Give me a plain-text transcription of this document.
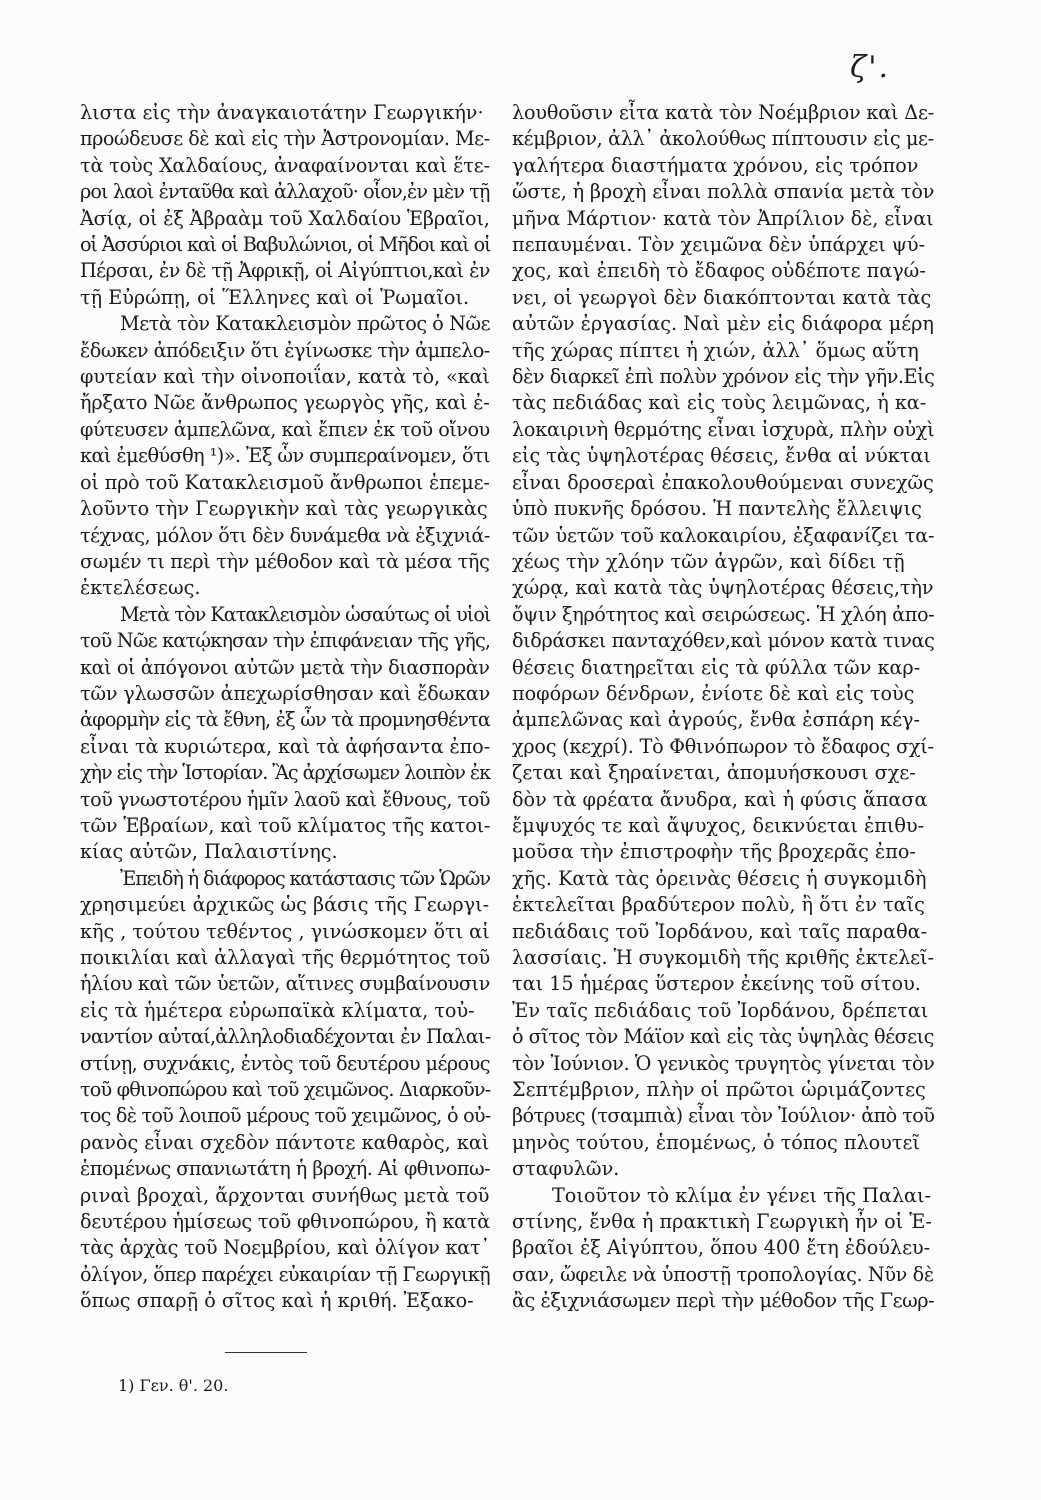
ζ'.
λιστα εἰς τὴν ἀναγκαιοτάτην Γεωργικήν·
προώδευσε δὲ καὶ εἰς τὴν Ἀστρονομίαν. Με-
τὰ τοὺς Χαλδαίους, ἀναφαίνονται καὶ ἕτε-
ροι λαοὶ ἐνταῦθα καὶ ἀλλαχοῦ· οἷον,ἐν μὲν τῇ
Ἀσίᾳ, οἱ ἐξ Ἀβραὰμ τοῦ Χαλδαίου Ἑβραῖοι,
οἱ Ἀσσύριοι καὶ οἱ Βαβυλώνιοι, οἱ Μῆδοι καὶ οἱ
Πέρσαι, ἐν δὲ τῇ Ἀφρικῇ, οἱ Αἰγύπτιοι,καὶ ἐν
τῇ Εὐρώπῃ, οἱ Ἕλληνες καὶ οἱ Ῥωμαῖοι.
Μετὰ τὸν Κατακλεισμὸν πρῶτος ὁ Νῶε
ἔδωκεν ἀπόδειξιν ὅτι ἐγίνωσκε τὴν ἀμπελο-
φυτείαν καὶ τὴν οἰνοποιΐαν, κατὰ τὸ, «καὶ
ἤρξατο Νῶε ἄνθρωπος γεωργὸς γῆς, καὶ ἐ-
φύτευσεν ἀμπελῶνα, καὶ ἔπιεν ἐκ τοῦ οἴνου
καὶ ἐμεθύσθη ¹)». Ἐξ ὧν συμπεραίνομεν, ὅτι
οἱ πρὸ τοῦ Κατακλεισμοῦ ἄνθρωποι ἐπεμε-
λοῦντο τὴν Γεωργικὴν καὶ τὰς γεωργικὰς
τέχνας, μόλον ὅτι δὲν δυνάμεθα νὰ ἐξιχνιά-
σωμέν τι περὶ τὴν μέθοδον καὶ τὰ μέσα τῆς
ἐκτελέσεως.
Μετὰ τὸν Κατακλεισμὸν ὡσαύτως οἱ υἱοὶ
τοῦ Νῶε κατῴκησαν τὴν ἐπιφάνειαν τῆς γῆς,
καὶ οἱ ἀπόγονοι αὐτῶν μετὰ τὴν διασπορὰν
τῶν γλωσσῶν ἀπεχωρίσθησαν καὶ ἔδωκαν
ἀφορμὴν εἰς τὰ ἔθνη, ἐξ ὧν τὰ προμνησθέντα
εἶναι τὰ κυριώτερα, καὶ τὰ ἀφήσαντα ἐπο-
χὴν εἰς τὴν Ἱστορίαν. Ἂς ἀρχίσωμεν λοιπὸν ἐκ
τοῦ γνωστοτέρου ἡμῖν λαοῦ καὶ ἔθνους, τοῦ
τῶν Ἑβραίων, καὶ τοῦ κλίματος τῆς κατοι-
κίας αὐτῶν, Παλαιστίνης.
Ἐπειδὴ ἡ διάφορος κατάστασις τῶν Ὡρῶν
χρησιμεύει ἀρχικῶς ὡς βάσις τῆς Γεωργι-
κῆς , τούτου τεθέντος , γινώσκομεν ὅτι αἱ
ποικιλίαι καὶ ἀλλαγαὶ τῆς θερμότητος τοῦ
ἡλίου καὶ τῶν ὑετῶν, αἵτινες συμβαίνουσιν
εἰς τὰ ἡμέτερα εὐρωπαϊκὰ κλίματα, τοὐ-
ναντίον αὐταί,ἀλληλοδιαδέχονται ἐν Παλαι-
στίνῃ, συχνάκις, ἐντὸς τοῦ δευτέρου μέρους
τοῦ φθινοπώρου καὶ τοῦ χειμῶνος. Διαρκοῦν-
τος δὲ τοῦ λοιποῦ μέρους τοῦ χειμῶνος, ὁ οὐ-
ρανὸς εἶναι σχεδὸν πάντοτε καθαρὸς, καὶ
ἑπομένως σπανιωτάτη ἡ βροχή. Αἱ φθινοπω-
ριναὶ βροχαὶ, ἄρχονται συνήθως μετὰ τοῦ
δευτέρου ἡμίσεως τοῦ φθινοπώρου, ἢ κατὰ
τὰς ἀρχὰς τοῦ Νοεμβρίου, καὶ ὀλίγον κατ᾽
ὀλίγον, ὅπερ παρέχει εὐκαιρίαν τῇ Γεωργικῇ
ὅπως σπαρῇ ὁ σῖτος καὶ ἡ κριθή. Ἐξακο-
λουθοῦσιν εἶτα κατὰ τὸν Νοέμβριον καὶ Δε-
κέμβριον, ἀλλ᾽ ἀκολούθως πίπτουσιν εἰς με-
γαλήτερα διαστήματα χρόνου, εἰς τρόπον
ὥστε, ἡ βροχὴ εἶναι πολλὰ σπανία μετὰ τὸν
μῆνα Μάρτιον· κατὰ τὸν Ἀπρίλιον δὲ, εἶναι
πεπαυμέναι. Τὸν χειμῶνα δὲν ὑπάρχει ψύ-
χος, καὶ ἐπειδὴ τὸ ἔδαφος οὐδέποτε παγώ-
νει, οἱ γεωργοὶ δὲν διακόπτονται κατὰ τὰς
αὐτῶν ἐργασίας. Ναὶ μὲν εἰς διάφορα μέρη
τῆς χώρας πίπτει ἡ χιών, ἀλλ᾽ ὅμως αὕτη
δὲν διαρκεῖ ἐπὶ πολὺν χρόνον εἰς τὴν γῆν.Εἰς
τὰς πεδιάδας καὶ εἰς τοὺς λειμῶνας, ἡ κα-
λοκαιρινὴ θερμότης εἶναι ἰσχυρὰ, πλὴν οὐχὶ
εἰς τὰς ὑψηλοτέρας θέσεις, ἔνθα αἱ νύκται
εἶναι δροσεραὶ ἐπακολουθούμεναι συνεχῶς
ὑπὸ πυκνῆς δρόσου. Ἡ παντελὴς ἔλλειψις
τῶν ὑετῶν τοῦ καλοκαιρίου, ἐξαφανίζει τα-
χέως τὴν χλόην τῶν ἀγρῶν, καὶ δίδει τῇ
χώρᾳ, καὶ κατὰ τὰς ὑψηλοτέρας θέσεις,τὴν
ὄψιν ξηρότητος καὶ σειρώσεως. Ἡ χλόη ἀπο-
διδράσκει πανταχόθεν,καὶ μόνον κατὰ τινας
θέσεις διατηρεῖται εἰς τὰ φύλλα τῶν καρ-
ποφόρων δένδρων, ἐνίοτε δὲ καὶ εἰς τοὺς
ἀμπελῶνας καὶ ἀγρούς, ἔνθα ἐσπάρη κέγ-
χρος (κεχρί). Τὸ Φθινόπωρον τὸ ἔδαφος σχί-
ζεται καὶ ξηραίνεται, ἀπομυήσκουσι σχε-
δὸν τὰ φρέατα ἄνυδρα, καὶ ἡ φύσις ἅπασα
ἔμψυχός τε καὶ ἄψυχος, δεικνύεται ἐπιθυ-
μοῦσα τὴν ἐπιστροφὴν τῆς βροχερᾶς ἐπο-
χῆς. Κατὰ τὰς ὀρεινὰς θέσεις ἡ συγκομιδὴ
ἐκτελεῖται βραδύτερον πολὺ, ἢ ὅτι ἐν ταῖς
πεδιάδαις τοῦ Ἰορδάνου, καὶ ταῖς παραθα-
λασσίαις. Ἡ συγκομιδὴ τῆς κριθῆς ἐκτελεῖ-
ται 15 ἡμέρας ὕστερον ἐκείνης τοῦ σίτου.
Ἐν ταῖς πεδιάδαις τοῦ Ἰορδάνου, δρέπεται
ὁ σῖτος τὸν Μάϊον καὶ εἰς τὰς ὑψηλὰς θέσεις
τὸν Ἰούνιον. Ὁ γενικὸς τρυγητὸς γίνεται τὸν
Σεπτέμβριον, πλὴν οἱ πρῶτοι ὡριμάζοντες
βότρυες (τσαμπιὰ) εἶναι τὸν Ἰούλιον· ἀπὸ τοῦ
μηνὸς τούτου, ἑπομένως, ὁ τόπος πλουτεῖ
σταφυλῶν.
Τοιοῦτον τὸ κλίμα ἐν γένει τῆς Παλαι-
στίνης, ἔνθα ἡ πρακτικὴ Γεωργικὴ ἦν οἱ Ἑ-
βραῖοι ἐξ Αἰγύπτου, ὅπου 400 ἔτη ἐδούλευ-
σαν, ὤφειλε νὰ ὑποστῇ τροπολογίας. Νῦν δὲ
ἂς ἐξιχνιάσωμεν περὶ τὴν μέθοδον τῆς Γεωρ-
1) Γεν. θ'. 20.
